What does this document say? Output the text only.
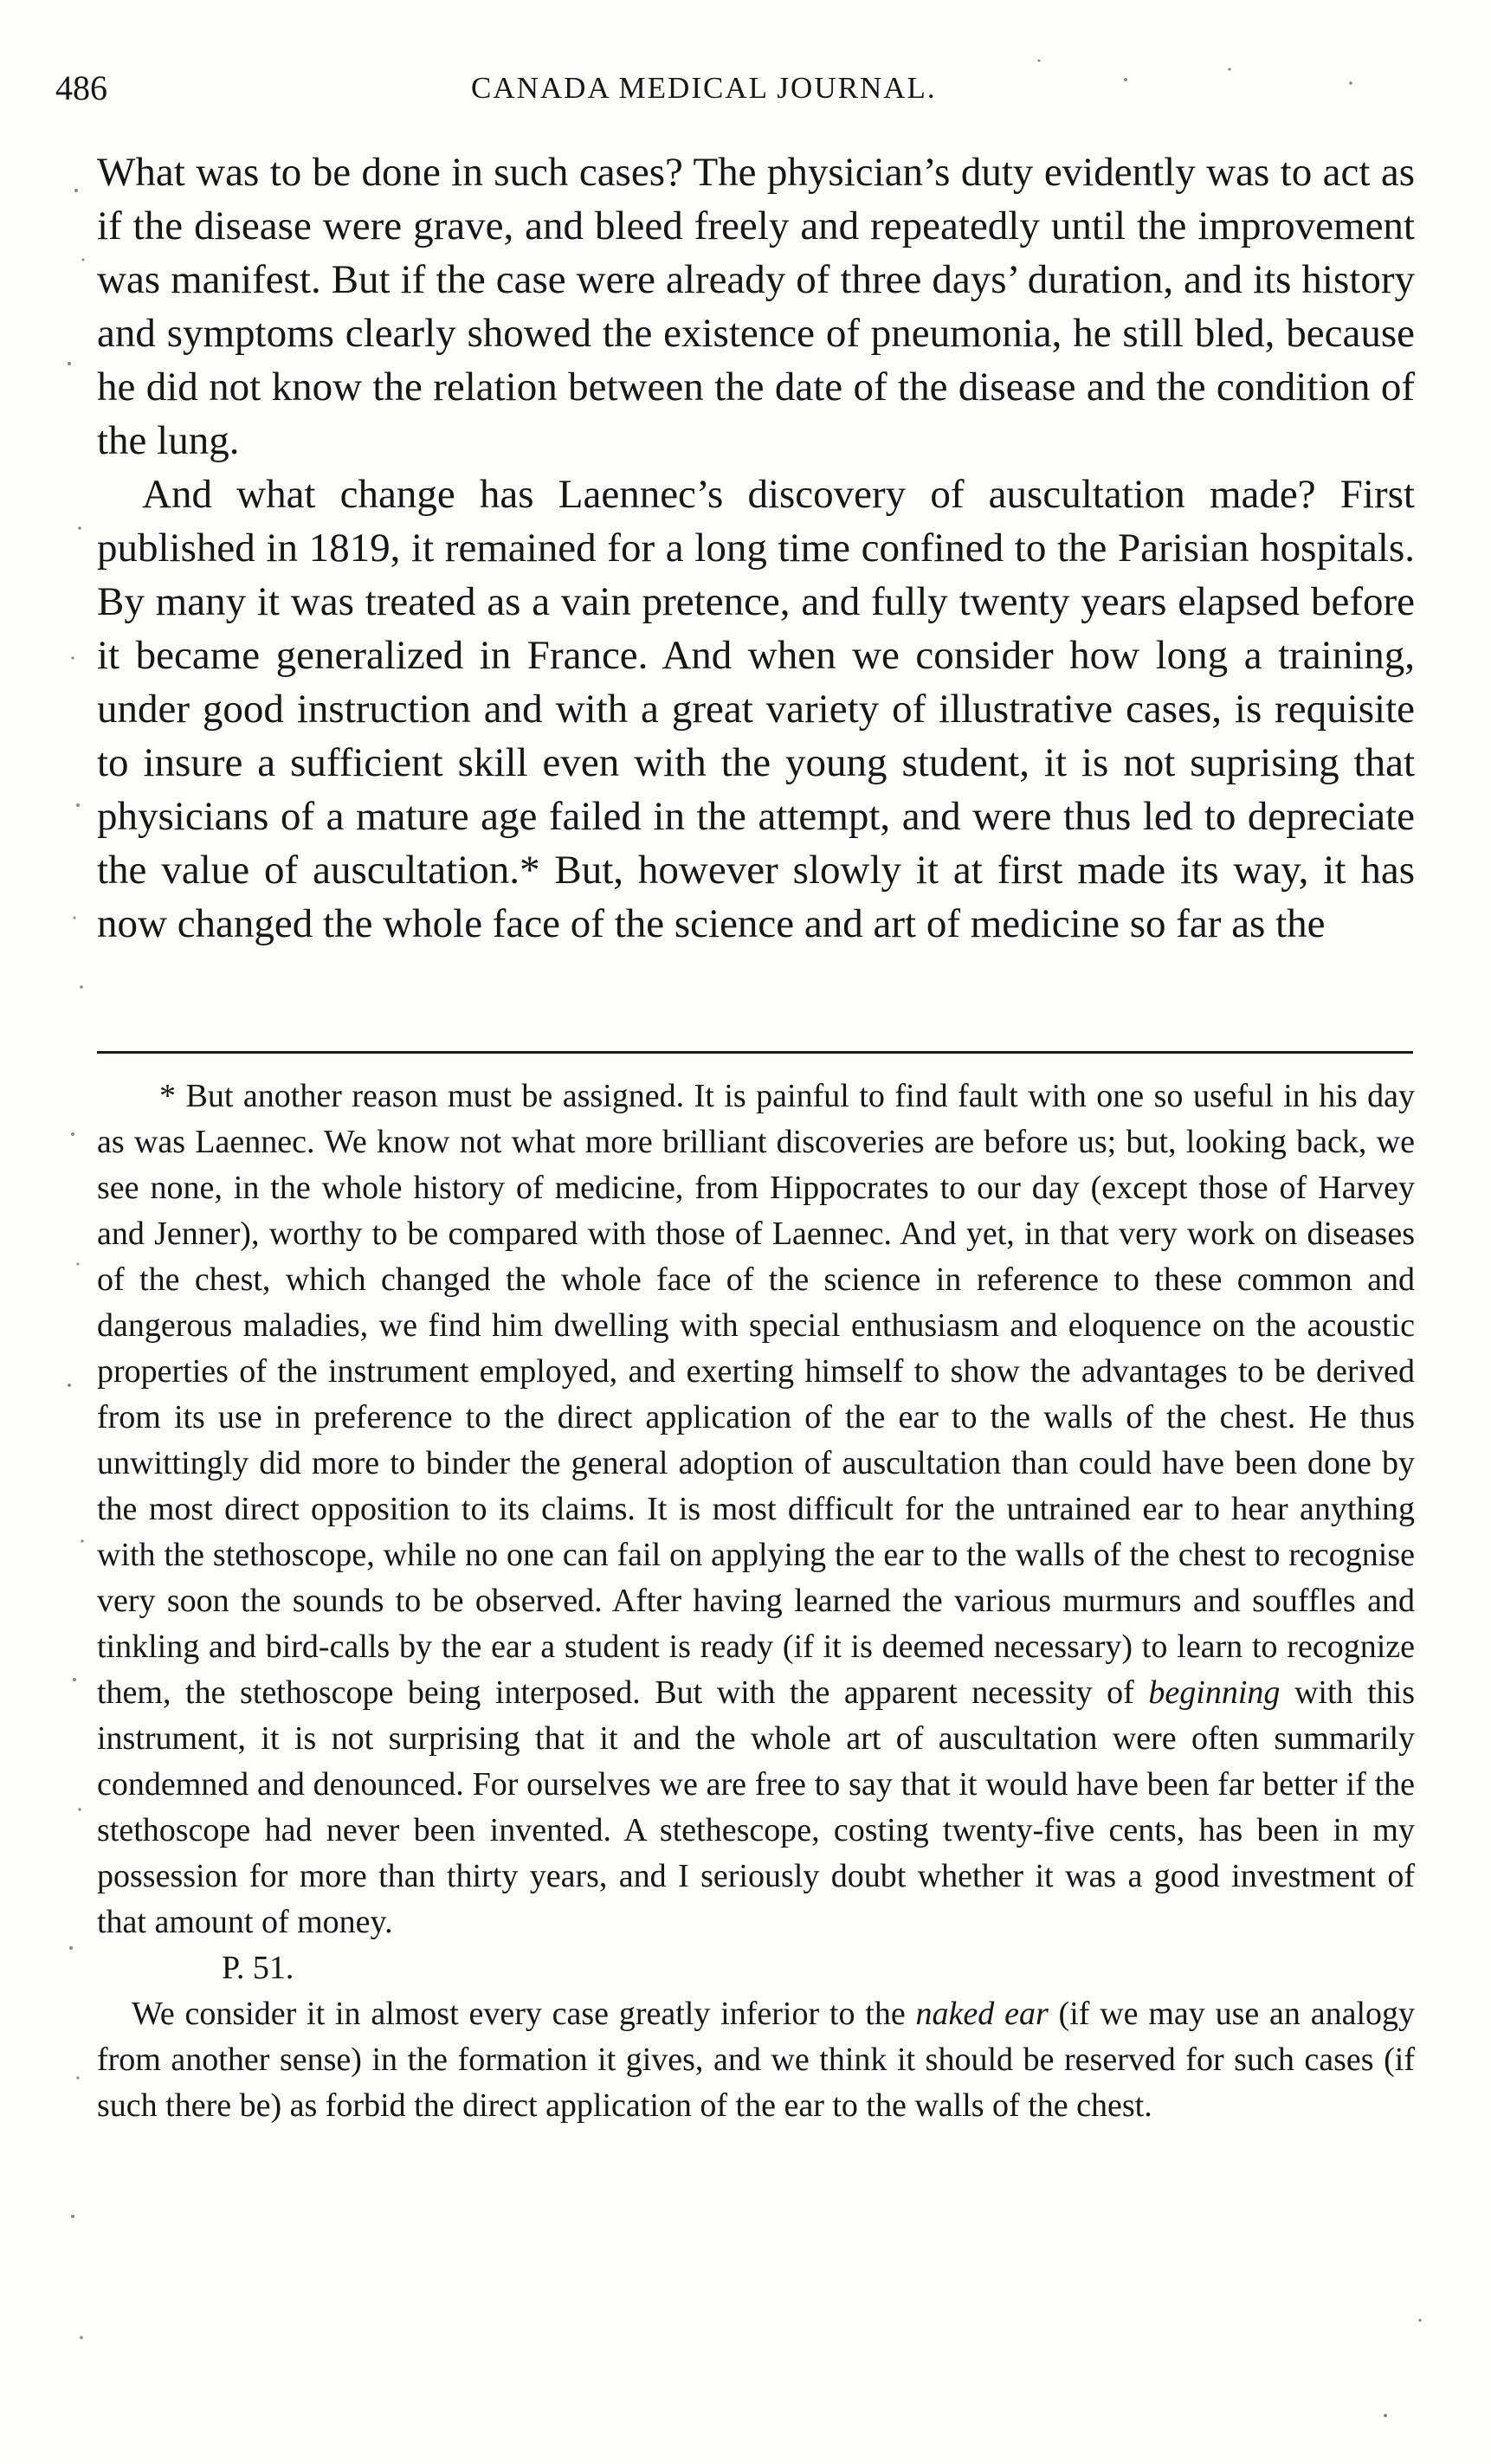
486	CANADA MEDICAL JOURNAL.

What was to be done in such cases? The physician’s duty evidently was to act as if the disease were grave, and bleed freely and repeatedly until the improvement was manifest. But if the case were already of three days’ duration, and its history and symptoms clearly showed the existence of pneumonia, he still bled, because he did not know the relation between the date of the disease and the condition of the lung.

And what change has Laennec’s discovery of auscultation made? First published in 1819, it remained for a long time confined to the Parisian hospitals. By many it was treated as a vain pretence, and fully twenty years elapsed before it became generalized in France. And when we consider how long a training, under good instruction and with a great variety of illustrative cases, is requisite to insure a sufficient skill even with the young student, it is not suprising that physicians of a mature age failed in the attempt, and were thus led to depreciate the value of auscultation.* But, however slowly it at first made its way, it has now changed the whole face of the science and art of medicine so far as the

* But another reason must be assigned. It is painful to find fault with one so useful in his day as was Laennec. We know not what more brilliant discoveries are before us; but, looking back, we see none, in the whole history of medicine, from Hippocrates to our day (except those of Harvey and Jenner), worthy to be compared with those of Laennec. And yet, in that very work on diseases of the chest, which changed the whole face of the science in reference to these common and dangerous maladies, we find him dwelling with special enthusiasm and eloquence on the acoustic properties of the instrument employed, and exerting himself to show the advantages to be derived from its use in preference to the direct application of the ear to the walls of the chest. He thus unwittingly did more to binder the general adoption of auscultation than could have been done by the most direct opposition to its claims. It is most difficult for the untrained ear to hear anything with the stethoscope, while no one can fail on applying the ear to the walls of the chest to recognise very soon the sounds to be observed. After having learned the various murmurs and souffles and tinkling and bird-calls by the ear a student is ready (if it is deemed necessary) to learn to recognize them, the stethoscope being interposed. But with the apparent necessity of beginning with this instrument, it is not surprising that it and the whole art of auscultation were often summarily condemned and denounced. For ourselves we are free to say that it would have been far better if the stethoscope had never been invented. A stethescope, costing twenty-five cents, has been in my possession for more than thirty years, and I seriously doubt whether it was a good investment of that amount of money.

P. 51.

We consider it in almost every case greatly inferior to the naked ear (if we may use an analogy from another sense) in the formation it gives, and we think it should be reserved for such cases (if such there be) as forbid the direct application of the ear to the walls of the chest.
